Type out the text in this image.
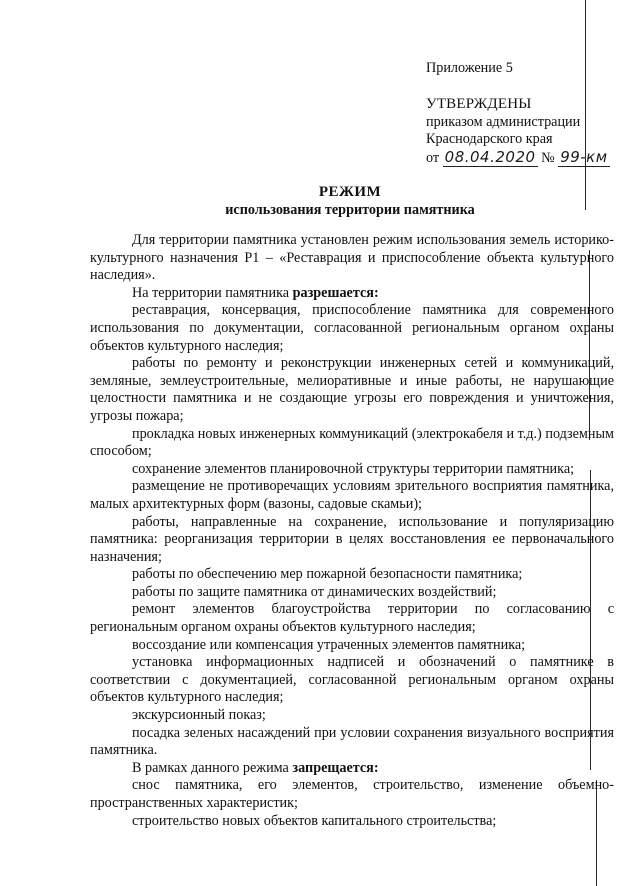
Приложение 5
УТВЕРЖДЕНЫ
приказом администрации
Краснодарского края
от 08.04.2020 № 99-км
РЕЖИМ
использования территории памятника

Для территории памятника установлен режим использования земель историко-культурного назначения Р1 – «Реставрация и приспособление объекта культурного наследия».

На территории памятника разрешается:

реставрация, консервация, приспособление памятника для современного использования по документации, согласованной региональным органом охраны объектов культурного наследия;

работы по ремонту и реконструкции инженерных сетей и коммуникаций, земляные, землеустроительные, мелиоративные и иные работы, не нарушающие целостности памятника и не создающие угрозы его повреждения и уничтожения, угрозы пожара;

прокладка новых инженерных коммуникаций (электрокабеля и т.д.) подземным способом;

сохранение элементов планировочной структуры территории памятника;

размещение не противоречащих условиям зрительного восприятия памятника, малых архитектурных форм (вазоны, садовые скамьи);

работы, направленные на сохранение, использование и популяризацию памятника: реорганизация территории в целях восстановления ее первоначального назначения;

работы по обеспечению мер пожарной безопасности памятника;

работы по защите памятника от динамических воздействий;

ремонт элементов благоустройства территории по согласованию с региональным органом охраны объектов культурного наследия;

воссоздание или компенсация утраченных элементов памятника;

установка информационных надписей и обозначений о памятнике в соответствии с документацией, согласованной региональным органом охраны объектов культурного наследия;

экскурсионный показ;

посадка зеленых насаждений при условии сохранения визуального восприятия памятника.

В рамках данного режима запрещается:

снос памятника, его элементов, строительство, изменение объемно-пространственных характеристик;

строительство новых объектов капитального строительства;
